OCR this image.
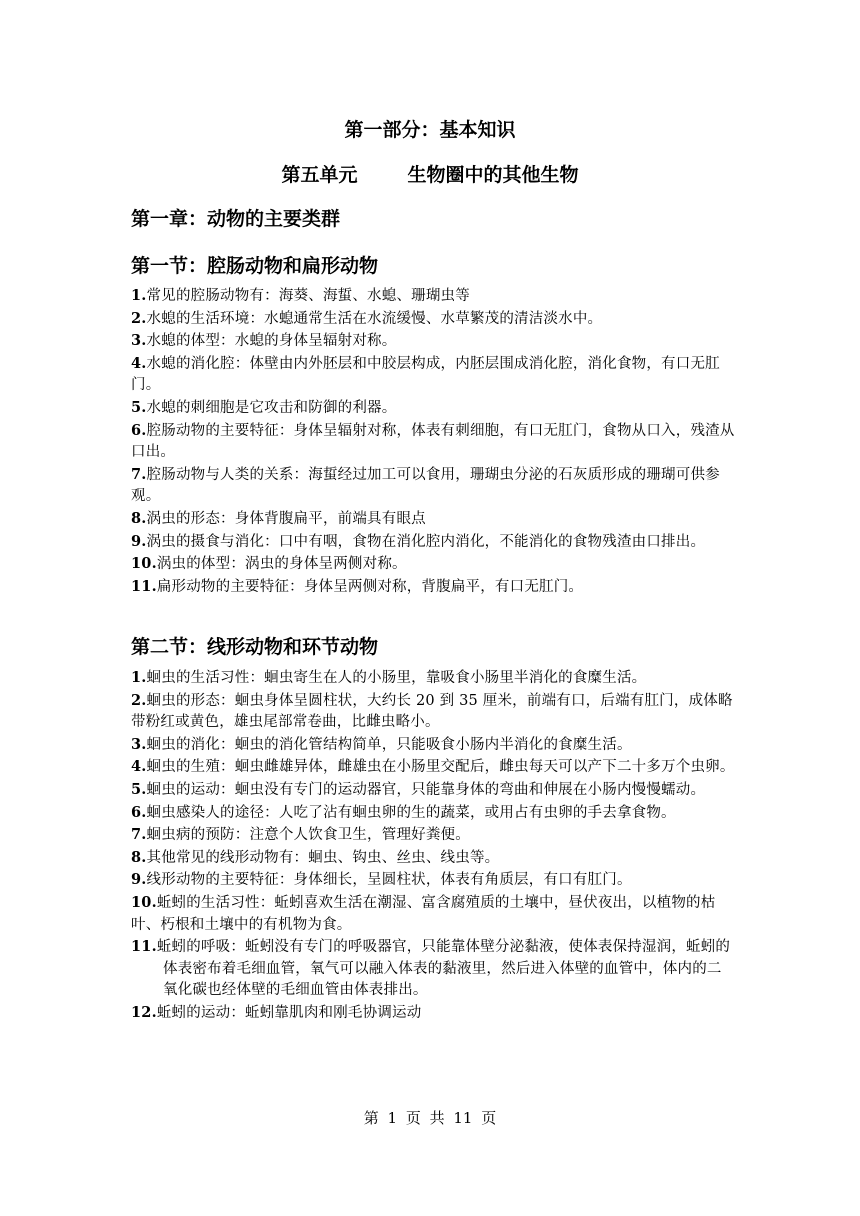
第一部分：基本知识
第五单元	生物圈中的其他生物
第一章：动物的主要类群
第一节：腔肠动物和扁形动物
1.常见的腔肠动物有：海葵、海蜇、水螅、珊瑚虫等
2.水螅的生活环境：水螅通常生活在水流缓慢、水草繁茂的清洁淡水中。
3.水螅的体型：水螅的身体呈辐射对称。
4.水螅的消化腔：体壁由内外胚层和中胶层构成，内胚层围成消化腔，消化食物，有口无肛门。
5.水螅的刺细胞是它攻击和防御的利器。
6.腔肠动物的主要特征：身体呈辐射对称，体表有刺细胞，有口无肛门，食物从口入，残渣从口出。
7.腔肠动物与人类的关系：海蜇经过加工可以食用，珊瑚虫分泌的石灰质形成的珊瑚可供参观。
8.涡虫的形态：身体背腹扁平，前端具有眼点
9.涡虫的摄食与消化：口中有咽，食物在消化腔内消化，不能消化的食物残渣由口排出。
10.涡虫的体型：涡虫的身体呈两侧对称。
11.扁形动物的主要特征：身体呈两侧对称，背腹扁平，有口无肛门。
第二节：线形动物和环节动物
1.蛔虫的生活习性：蛔虫寄生在人的小肠里，靠吸食小肠里半消化的食糜生活。
2.蛔虫的形态：蛔虫身体呈圆柱状，大约长 20 到 35 厘米，前端有口，后端有肛门，成体略带粉红或黄色，雄虫尾部常卷曲，比雌虫略小。
3.蛔虫的消化：蛔虫的消化管结构简单，只能吸食小肠内半消化的食糜生活。
4.蛔虫的生殖：蛔虫雌雄异体，雌雄虫在小肠里交配后，雌虫每天可以产下二十多万个虫卵。
5.蛔虫的运动：蛔虫没有专门的运动器官，只能靠身体的弯曲和伸展在小肠内慢慢蠕动。
6.蛔虫感染人的途径：人吃了沾有蛔虫卵的生的蔬菜，或用占有虫卵的手去拿食物。
7.蛔虫病的预防：注意个人饮食卫生，管理好粪便。
8.其他常见的线形动物有：蛔虫、钩虫、丝虫、线虫等。
9.线形动物的主要特征：身体细长，呈圆柱状，体表有角质层，有口有肛门。
10.蚯蚓的生活习性：蚯蚓喜欢生活在潮湿、富含腐殖质的土壤中，昼伏夜出，以植物的枯叶、朽根和土壤中的有机物为食。
11.蚯蚓的呼吸：蚯蚓没有专门的呼吸器官，只能靠体壁分泌黏液，使体表保持湿润，蚯蚓的体表密布着毛细血管，氧气可以融入体表的黏液里，然后进入体壁的血管中，体内的二氧化碳也经体壁的毛细血管由体表排出。
12.蚯蚓的运动：蚯蚓靠肌肉和刚毛协调运动
第 1 页 共 11 页
